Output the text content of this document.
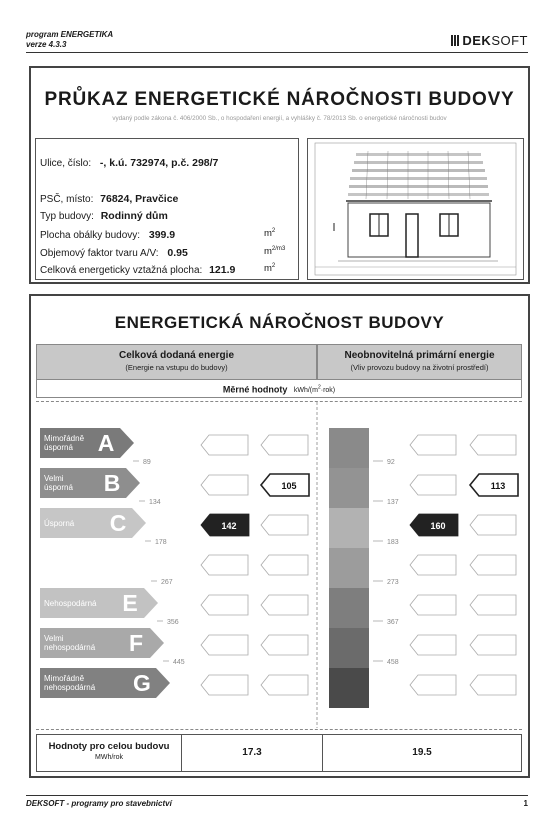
program ENERGETIKA
verze 4.3.3	DEK SOFT
PRŮKAZ ENERGETICKÉ NÁROČNOSTI BUDOVY
vydaný podle zákona č. 406/2000 Sb., o hospodaření energií, a vyhlášky č. 78/2013 Sb. o energetické náročnosti budov
Ulice, číslo: -, k.ú. 732974, p.č. 298/7
PSČ, místo: 76824, Pravčice
Typ budovy: Rodinný dům
Plocha obálky budovy: 399.9	$m^2$
Objemový faktor tvaru A/V: 0.95	$m^{2/m3}$
Celková energeticky vztažná plocha: 121.9	$m^2$
ENERGETICKÁ NÁROČNOST BUDOVY
Celková dodaná energie
(Energie na vstupu do budovy)
Neobnovitelná primární energie
(Vliv provozu budovy na životní prostředí)
Měrné hodnoty kWh/$(m^2\cdot rok)$
A
Mimořádně
úsporná
B
Velmi
úsporná
C
Úsporná
E
Nehospodárná
F
Velmi
nehospodárná
G
Mimořádně
nehospodárná
89
134
178
267
356
445
92
137
183
273
367
458
105
142
113
160
Hodnoty pro celou budovu
MWh/rok	17.3	19.5
DEKSOFT - programy pro stavebnictví	1
